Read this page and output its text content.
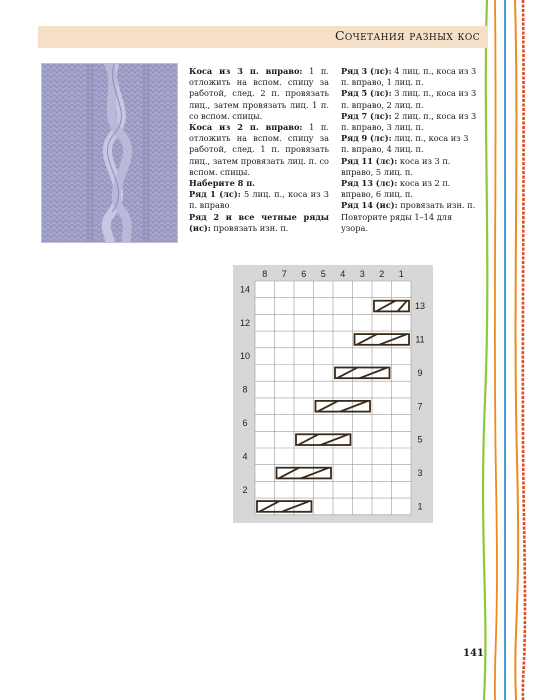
Сочетания разных кос

Коса из 3 п. вправо: 1 п. отложить на вспом. спицу за работой, след. 2 п. провязать лиц., затем провязать лиц. 1 п. со вспом. спицы.

Коса из 2 п. вправо: 1 п. отложить на вспом. спицу за работой, след. 1 п. провязать лиц., затем провязать лиц. п. со вспом. спицы.

Наберите 8 п.

Ряд 1 (лс): 5 лиц. п., коса из 3 п. вправо

Ряд 2 и все четные ряды (ис): провязать изн. п.

Ряд 3 (лс): 4 лиц. п., коса из 3 п. вправо, 1 лиц. п.

Ряд 5 (лс): 3 лиц. п., коса из 3 п. вправо, 2 лиц. п.

Ряд 7 (лс): 2 лиц. п., коса из 3 п. вправо, 3 лиц. п.

Ряд 9 (лс): лиц. п., коса из 3 п. вправо, 4 лиц. п.

Ряд 11 (лс): коса из 3 п. вправо, 5 лиц. п.

Ряд 13 (лс): коса из 2 п. вправо, 6 лиц. п.

Ряд 14 (ис): провязать изн. п. Повторите ряды 1–14 для узора.

8 7 6 5 4 3 2 1
13
11
9
7
5
3
1
14
12
10
8
6
4
2
141
